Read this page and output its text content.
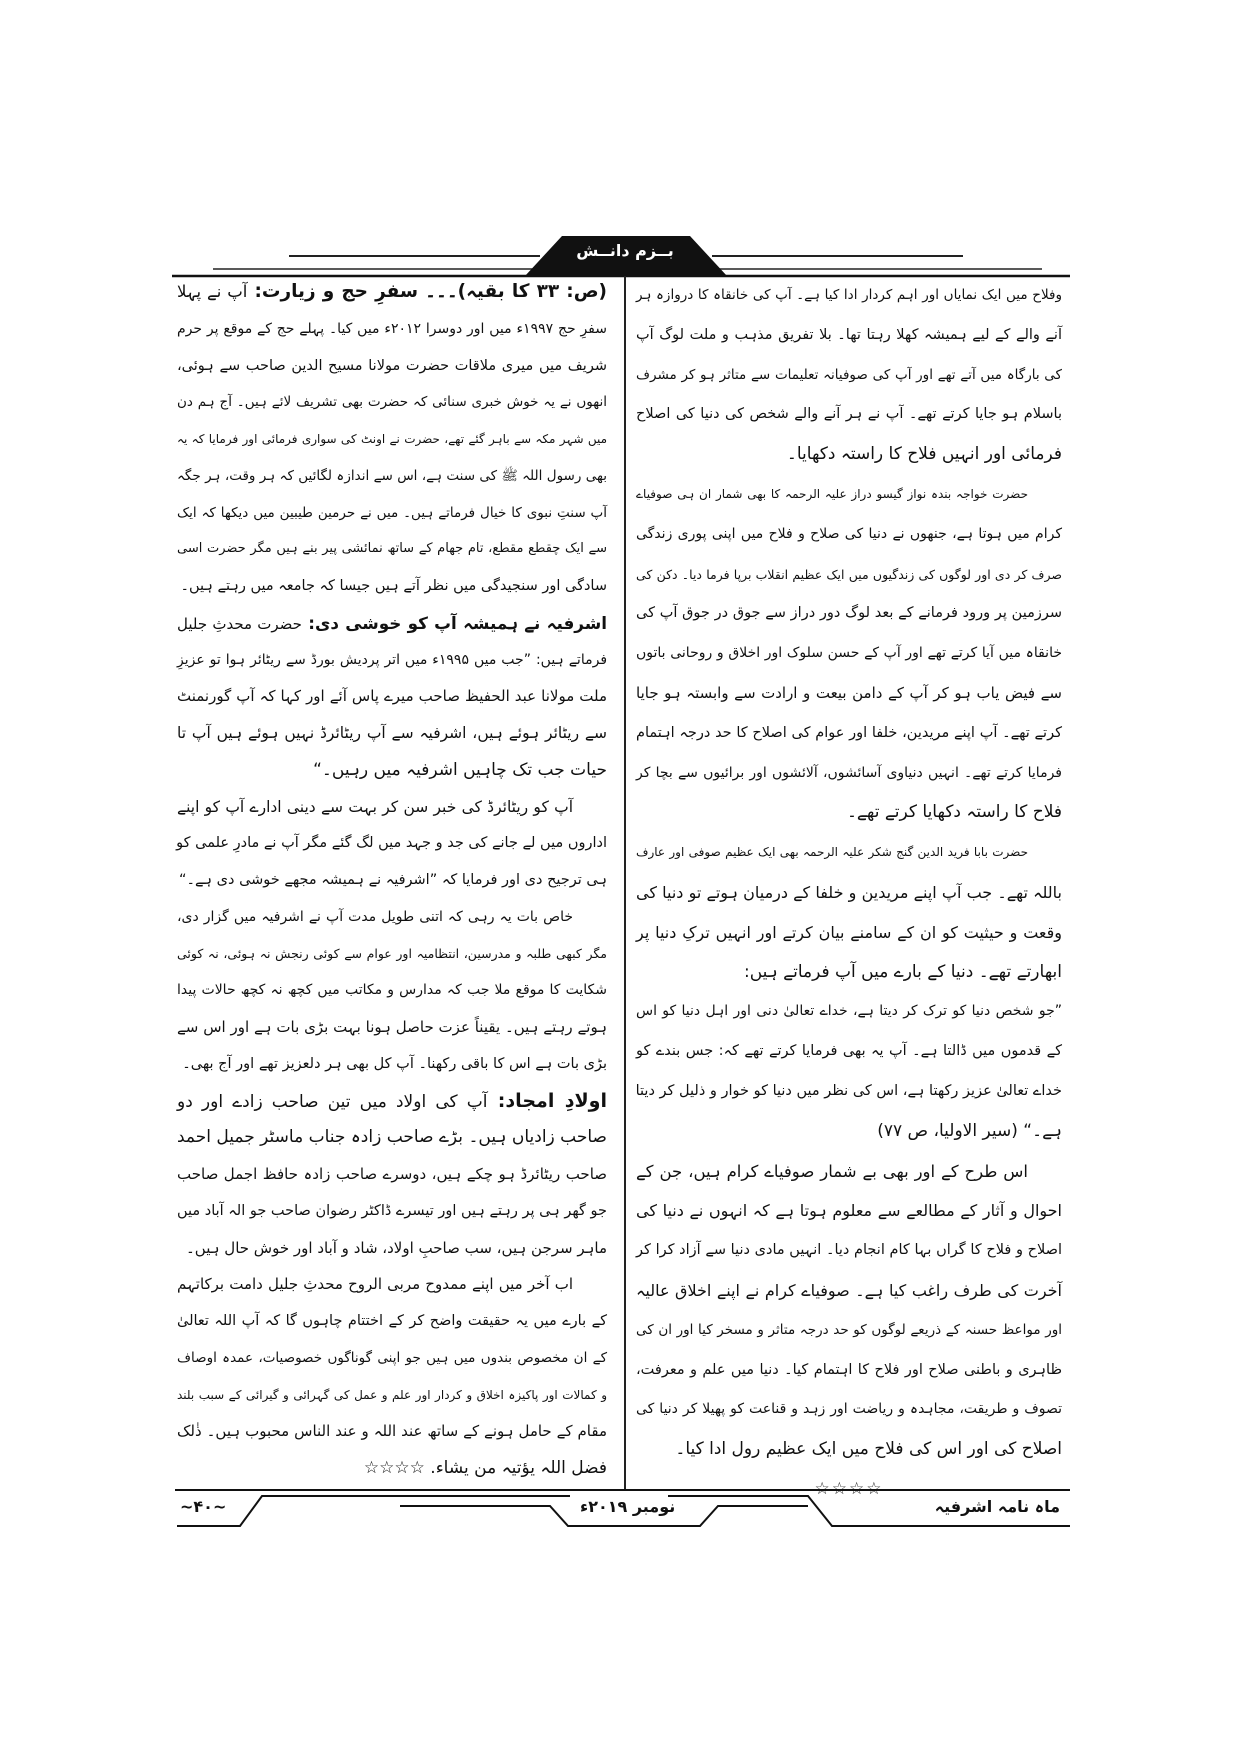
بــزم دانــش
وفلاح میں ایک نمایاں اور اہم کردار ادا کیا ہے۔ آپ کی خانقاہ کا دروازہ ہر
آنے والے کے لیے ہمیشہ کھلا رہتا تھا۔ بلا تفریق مذہب و ملت لوگ آپ
کی بارگاہ میں آتے تھے اور آپ کی صوفیانہ تعلیمات سے متاثر ہو کر مشرف
باسلام ہو جایا کرتے تھے۔ آپ نے ہر آنے والے شخص کی دنیا کی اصلاح
فرمائی اور انہیں فلاح کا راستہ دکھایا۔
حضرت خواجہ بندہ نواز گیسو دراز علیہ الرحمہ کا بھی شمار ان ہی صوفیاے
کرام میں ہوتا ہے، جنھوں نے دنیا کی صلاح و فلاح میں اپنی پوری زندگی
صرف کر دی اور لوگوں کی زندگیوں میں ایک عظیم انقلاب برپا فرما دیا۔ دکن کی
سرزمین پر ورود فرمانے کے بعد لوگ دور دراز سے جوق در جوق آپ کی
خانقاہ میں آیا کرتے تھے اور آپ کے حسن سلوک اور اخلاق و روحانی باتوں
سے فیض یاب ہو کر آپ کے دامن بیعت و ارادت سے وابستہ ہو جایا
کرتے تھے۔ آپ اپنے مریدین، خلفا اور عوام کی اصلاح کا حد درجہ اہتمام
فرمایا کرتے تھے۔ انہیں دنیاوی آسائشوں، آلائشوں اور برائیوں سے بچا کر
فلاح کا راستہ دکھایا کرتے تھے۔
حضرت بابا فرید الدین گنج شکر علیہ الرحمہ بھی ایک عظیم صوفی اور عارف
باللہ تھے۔ جب آپ اپنے مریدین و خلفا کے درمیان ہوتے تو دنیا کی
وقعت و حیثیت کو ان کے سامنے بیان کرتے اور انہیں ترکِ دنیا پر
ابھارتے تھے۔ دنیا کے بارے میں آپ فرماتے ہیں:
”جو شخص دنیا کو ترک کر دیتا ہے، خداے تعالیٰ دنی اور اہل دنیا کو اس
کے قدموں میں ڈالتا ہے۔ آپ یہ بھی فرمایا کرتے تھے کہ: جس بندے کو
خداے تعالیٰ عزیز رکھتا ہے، اس کی نظر میں دنیا کو خوار و ذلیل کر دیتا
ہے۔“ (سیر الاولیا، ص ۷۷)
اس طرح کے اور بھی بے شمار صوفیاے کرام ہیں، جن کے
احوال و آثار کے مطالعے سے معلوم ہوتا ہے کہ انہوں نے دنیا کی
اصلاح و فلاح کا گراں بہا کام انجام دیا۔ انہیں مادی دنیا سے آزاد کرا کر
آخرت کی طرف راغب کیا ہے۔ صوفیاے کرام نے اپنے اخلاق عالیہ
اور مواعظ حسنہ کے ذریعے لوگوں کو حد درجہ متاثر و مسخر کیا اور ان کی
ظاہری و باطنی صلاح اور فلاح کا اہتمام کیا۔ دنیا میں علم و معرفت،
تصوف و طریقت، مجاہدہ و ریاضت اور زہد و قناعت کو پھیلا کر دنیا کی
اصلاح کی اور اس کی فلاح میں ایک عظیم رول ادا کیا۔
☆☆☆☆
(ص: ۳۳ کا بقیہ)۔۔۔ سفرِ حج و زیارت: آپ نے پہلا
سفرِ حج ۱۹۹۷ء میں اور دوسرا ۲۰۱۲ء میں کیا۔ پہلے حج کے موقع پر حرم
شریف میں میری ملاقات حضرت مولانا مسیح الدین صاحب سے ہوئی،
انھوں نے یہ خوش خبری سنائی کہ حضرت بھی تشریف لائے ہیں۔ آج ہم دن
میں شہر مکہ سے باہر گئے تھے، حضرت نے اونٹ کی سواری فرمائی اور فرمایا کہ یہ
بھی رسول اللہ ﷺ کی سنت ہے، اس سے اندازہ لگائیں کہ ہر وقت، ہر جگہ
آپ سنتِ نبوی کا خیال فرماتے ہیں۔ میں نے حرمین طیبین میں دیکھا کہ ایک
سے ایک چقطع مقطع، تام جھام کے ساتھ نمائشی پیر بنے ہیں مگر حضرت اسی
سادگی اور سنجیدگی میں نظر آتے ہیں جیسا کہ جامعہ میں رہتے ہیں۔
اشرفیہ نے ہمیشہ آپ کو خوشی دی: حضرت محدثِ جلیل
فرماتے ہیں: ”جب میں ۱۹۹۵ء میں اتر پردیش بورڈ سے ریٹائر ہوا تو عزیزِ
ملت مولانا عبد الحفیظ صاحب میرے پاس آئے اور کہا کہ آپ گورنمنٹ
سے ریٹائر ہوئے ہیں، اشرفیہ سے آپ ریٹائرڈ نہیں ہوئے ہیں آپ تا
حیات جب تک چاہیں اشرفیہ میں رہیں۔“
آپ کو ریٹائرڈ کی خبر سن کر بہت سے دینی ادارے آپ کو اپنے
اداروں میں لے جانے کی جد و جہد میں لگ گئے مگر آپ نے مادرِ علمی کو
ہی ترجیح دی اور فرمایا کہ ”اشرفیہ نے ہمیشہ مجھے خوشی دی ہے۔“
خاص بات یہ رہی کہ اتنی طویل مدت آپ نے اشرفیہ میں گزار دی،
مگر کبھی طلبہ و مدرسین، انتظامیہ اور عوام سے کوئی رنجش نہ ہوئی، نہ کوئی
شکایت کا موقع ملا جب کہ مدارس و مکاتب میں کچھ نہ کچھ حالات پیدا
ہوتے رہتے ہیں۔ یقیناً عزت حاصل ہونا بہت بڑی بات ہے اور اس سے
بڑی بات ہے اس کا باقی رکھنا۔ آپ کل بھی ہر دلعزیز تھے اور آج بھی۔
اولادِ امجاد: آپ کی اولاد میں تین صاحب زادے اور دو
صاحب زادیاں ہیں۔ بڑے صاحب زادہ جناب ماسٹر جمیل احمد
صاحب ریٹائرڈ ہو چکے ہیں، دوسرے صاحب زادہ حافظ اجمل صاحب
جو گھر ہی پر رہتے ہیں اور تیسرے ڈاکٹر رضوان صاحب جو الہ آباد میں
ماہر سرجن ہیں، سب صاحبِ اولاد، شاد و آباد اور خوش حال ہیں۔
اب آخر میں اپنے ممدوح مربی الروح محدثِ جلیل دامت برکاتہم
کے بارے میں یہ حقیقت واضح کر کے اختتام چاہوں گا کہ آپ اللہ تعالیٰ
کے ان مخصوص بندوں میں ہیں جو اپنی گوناگوں خصوصیات، عمدہ اوصاف
و کمالات اور پاکیزہ اخلاق و کردار اور علم و عمل کی گہرائی و گیرائی کے سبب بلند
مقام کے حامل ہونے کے ساتھ عند اللہ و عند الناس محبوب ہیں۔ ذٰلک
فضل اللہ یؤتیہ من یشاء. ☆☆☆☆
~۴۰~	نومبر ۲۰۱۹ء	ماہ نامہ اشرفیہ
